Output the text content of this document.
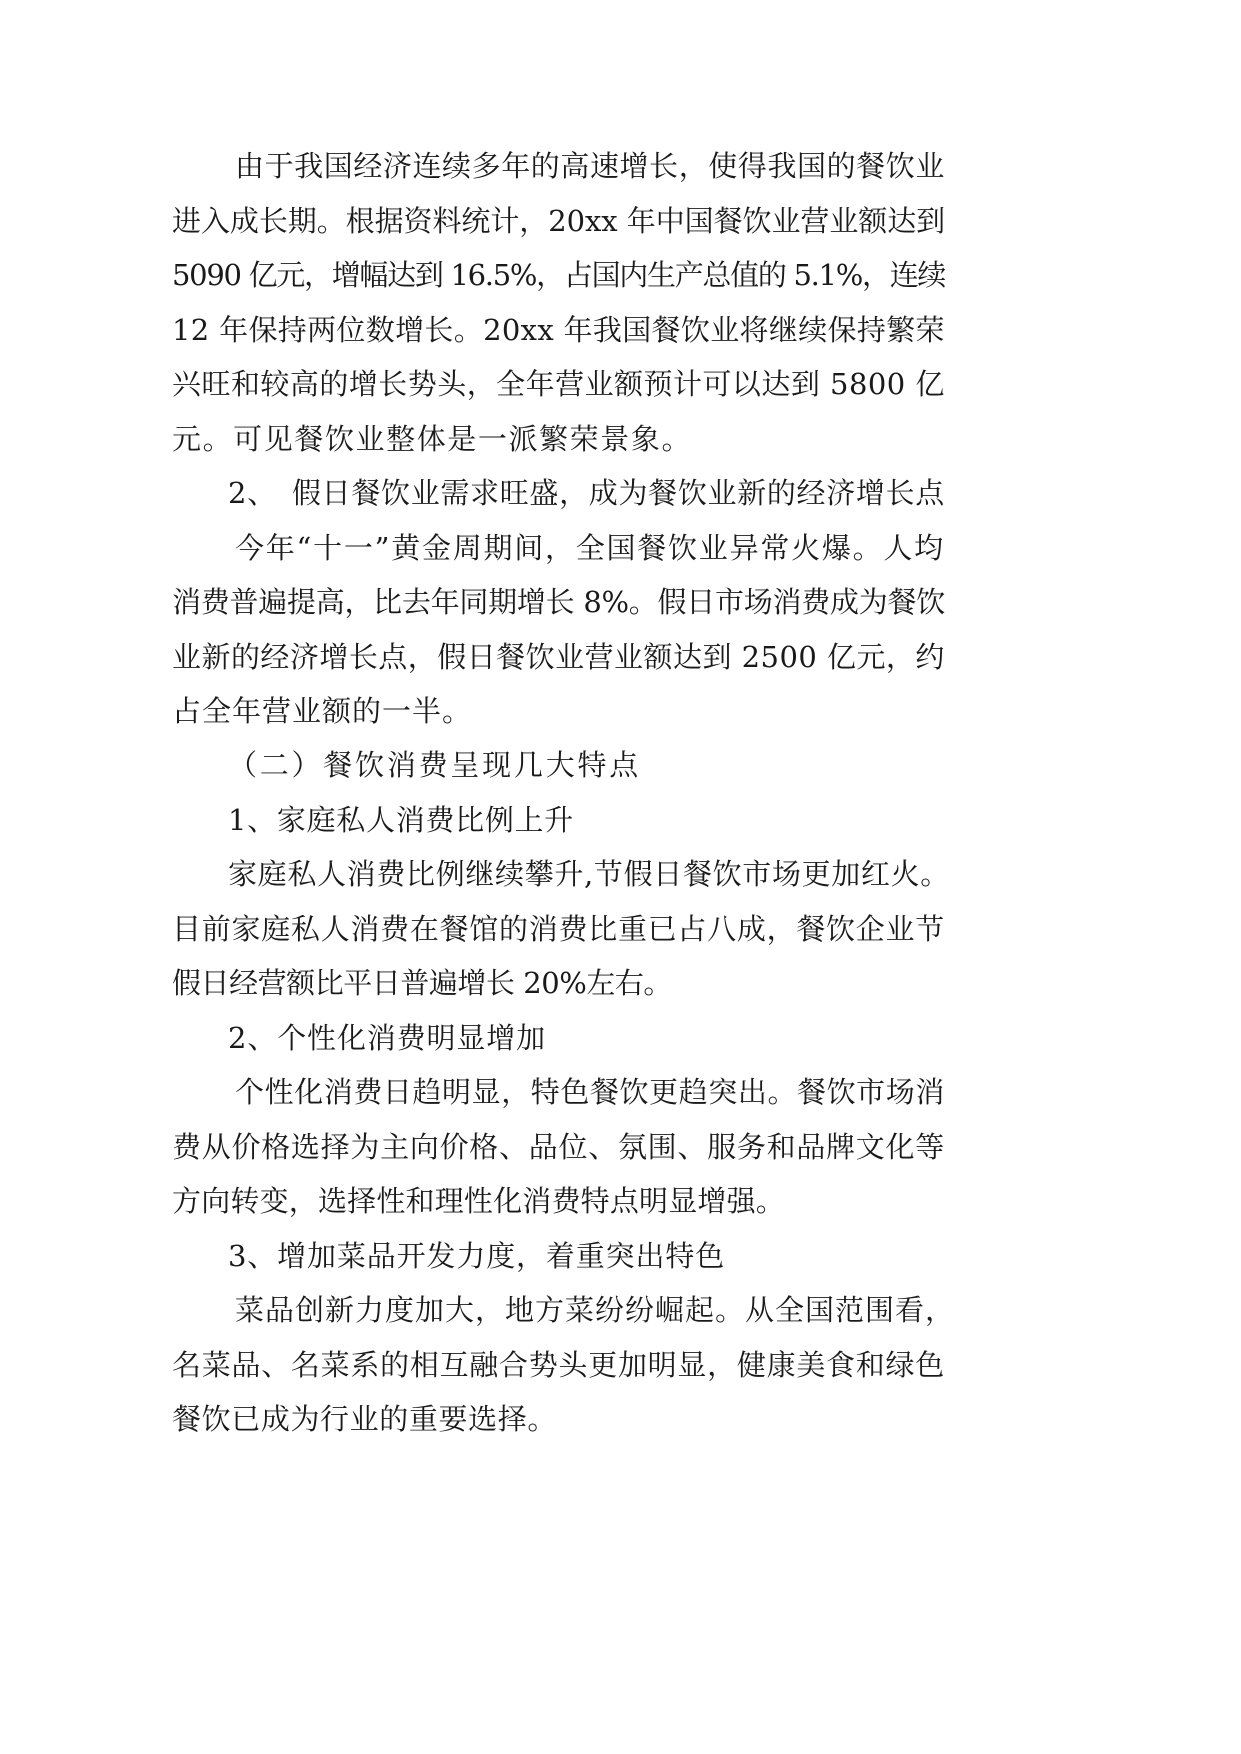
由于我国经济连续多年的高速增长，使得我国的餐饮业
进入成长期。根据资料统计，20xx 年中国餐饮业营业额达到
5090 亿元，增幅达到 16.5%，占国内生产总值的 5.1%，连续
12 年保持两位数增长。20xx 年我国餐饮业将继续保持繁荣
兴旺和较高的增长势头，全年营业额预计可以达到 5800 亿
元。可见餐饮业整体是一派繁荣景象。
2、　假日餐饮业需求旺盛，成为餐饮业新的经济增长点
今年“十一”黄金周期间，全国餐饮业异常火爆。人均
消费普遍提高，比去年同期增长 8%。假日市场消费成为餐饮
业新的经济增长点，假日餐饮业营业额达到 2500 亿元，约
占全年营业额的一半。
（二）餐饮消费呈现几大特点
1、家庭私人消费比例上升
家庭私人消费比例继续攀升,节假日餐饮市场更加红火。
目前家庭私人消费在餐馆的消费比重已占八成，餐饮企业节
假日经营额比平日普遍增长 20%左右。
2、个性化消费明显增加
个性化消费日趋明显，特色餐饮更趋突出。餐饮市场消
费从价格选择为主向价格、品位、氛围、服务和品牌文化等
方向转变，选择性和理性化消费特点明显增强。
3、增加菜品开发力度，着重突出特色
菜品创新力度加大，地方菜纷纷崛起。从全国范围看，
名菜品、名菜系的相互融合势头更加明显，健康美食和绿色
餐饮已成为行业的重要选择。
